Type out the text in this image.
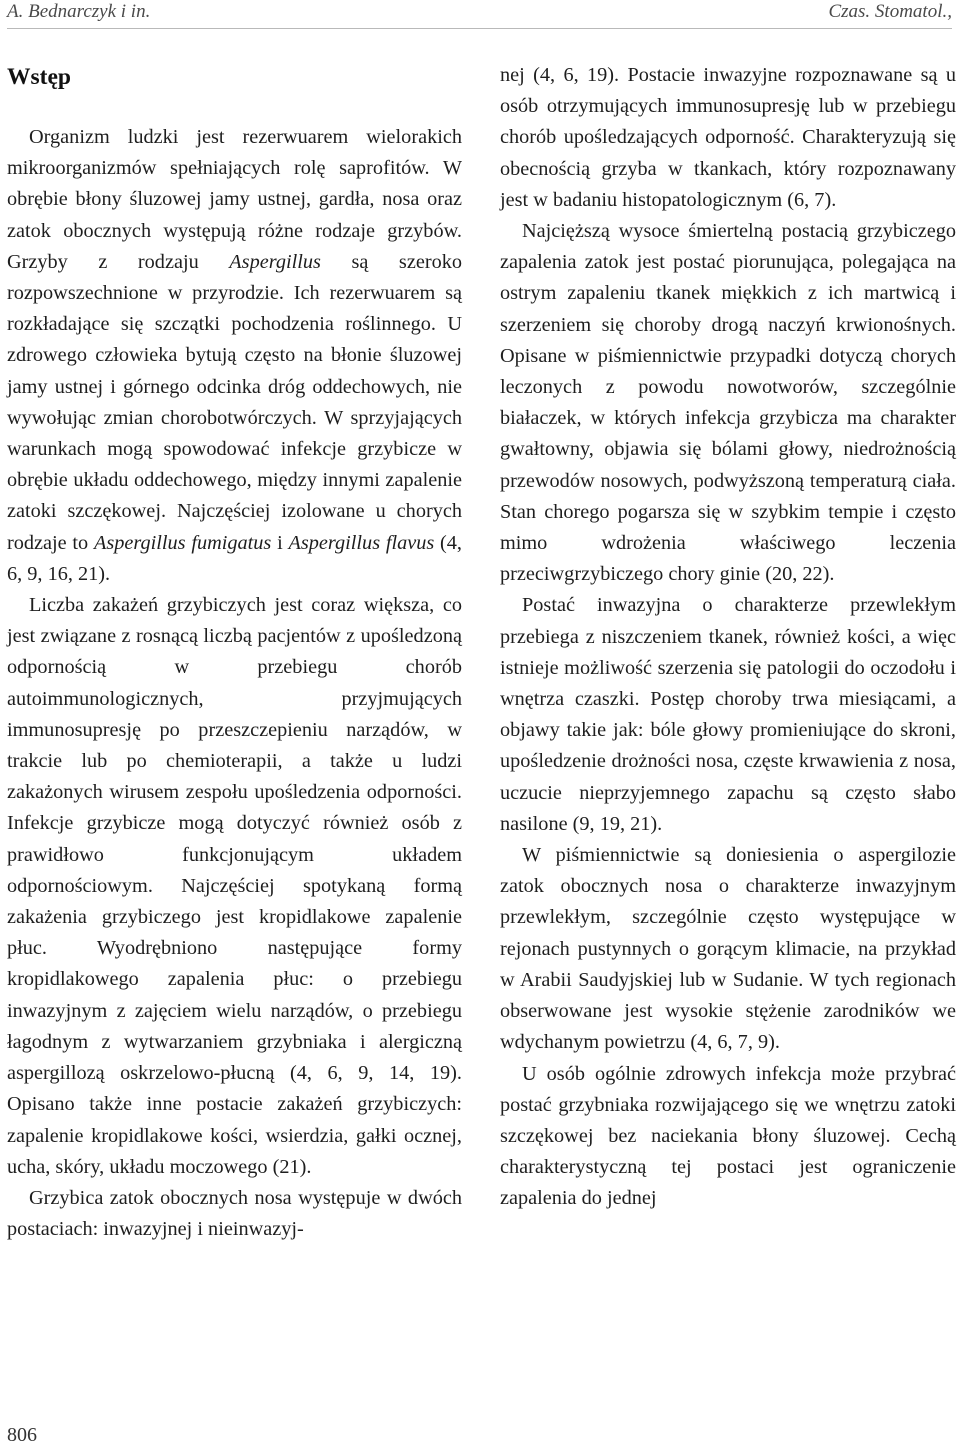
A. Bednarczyk i in.	Czas. Stomatol.,
Wstęp

Organizm ludzki jest rezerwuarem wielorakich mikroorganizmów spełniających rolę saprofitów. W obrębie błony śluzowej jamy ustnej, gardła, nosa oraz zatok obocznych występują różne rodzaje grzybów. Grzyby z rodzaju Aspergillus są szeroko rozpowszechnione w przyrodzie. Ich rezerwuarem są rozkładające się szczątki pochodzenia roślinnego. U zdrowego człowieka bytują często na błonie śluzowej jamy ustnej i górnego odcinka dróg oddechowych, nie wywołując zmian chorobotwórczych. W sprzyjających warunkach mogą spowodować infekcje grzybicze w obrębie układu oddechowego, między innymi zapalenie zatoki szczękowej. Najczęściej izolowane u chorych rodzaje to Aspergillus fumigatus i Aspergillus flavus (4, 6, 9, 16, 21).

Liczba zakażeń grzybiczych jest coraz większa, co jest związane z rosnącą liczbą pacjentów z upośledzoną odpornością w przebiegu chorób autoimmunologicznych, przyjmujących immunosupresję po przeszczepieniu narządów, w trakcie lub po chemioterapii, a także u ludzi zakażonych wirusem zespołu upośledzenia odporności. Infekcje grzybicze mogą dotyczyć również osób z prawidłowo funkcjonującym układem odpornościowym. Najczęściej spotykaną formą zakażenia grzybiczego jest kropidlakowe zapalenie płuc. Wyodrębniono następujące formy kropidlakowego zapalenia płuc: o przebiegu inwazyjnym z zajęciem wielu narządów, o przebiegu łagodnym z wytwarzaniem grzybniaka i alergiczną aspergillozą oskrzelowo-płucną (4, 6, 9, 14, 19). Opisano także inne postacie zakażeń grzybiczych: zapalenie kropidlakowe kości, wsierdzia, gałki ocznej, ucha, skóry, układu moczowego (21).

Grzybica zatok obocznych nosa występuje w dwóch postaciach: inwazyjnej i nieinwazyj-

nej (4, 6, 19). Postacie inwazyjne rozpoznawane są u osób otrzymujących immunosupresję lub w przebiegu chorób upośledzających odporność. Charakteryzują się obecnością grzyba w tkankach, który rozpoznawany jest w badaniu histopatologicznym (6, 7).

Najcięższą wysoce śmiertelną postacią grzybiczego zapalenia zatok jest postać piorunująca, polegająca na ostrym zapaleniu tkanek miękkich z ich martwicą i szerzeniem się choroby drogą naczyń krwionośnych. Opisane w piśmiennictwie przypadki dotyczą chorych leczonych z powodu nowotworów, szczególnie białaczek, w których infekcja grzybicza ma charakter gwałtowny, objawia się bólami głowy, niedrożnością przewodów nosowych, podwyższoną temperaturą ciała. Stan chorego pogarsza się w szybkim tempie i często mimo wdrożenia właściwego leczenia przeciwgrzybiczego chory ginie (20, 22).

Postać inwazyjna o charakterze przewlekłym przebiega z niszczeniem tkanek, również kości, a więc istnieje możliwość szerzenia się patologii do oczodołu i wnętrza czaszki. Postęp choroby trwa miesiącami, a objawy takie jak: bóle głowy promieniujące do skroni, upośledzenie drożności nosa, częste krwawienia z nosa, uczucie nieprzyjemnego zapachu są często słabo nasilone (9, 19, 21).

W piśmiennictwie są doniesienia o aspergilozie zatok obocznych nosa o charakterze inwazyjnym przewlekłym, szczególnie często występujące w rejonach pustynnych o gorącym klimacie, na przykład w Arabii Saudyjskiej lub w Sudanie. W tych regionach obserwowane jest wysokie stężenie zarodników we wdychanym powietrzu (4, 6, 7, 9).

U osób ogólnie zdrowych infekcja może przybrać postać grzybniaka rozwijającego się we wnętrzu zatoki szczękowej bez naciekania błony śluzowej. Cechą charakterystyczną tej postaci jest ograniczenie zapalenia do jednej

806
